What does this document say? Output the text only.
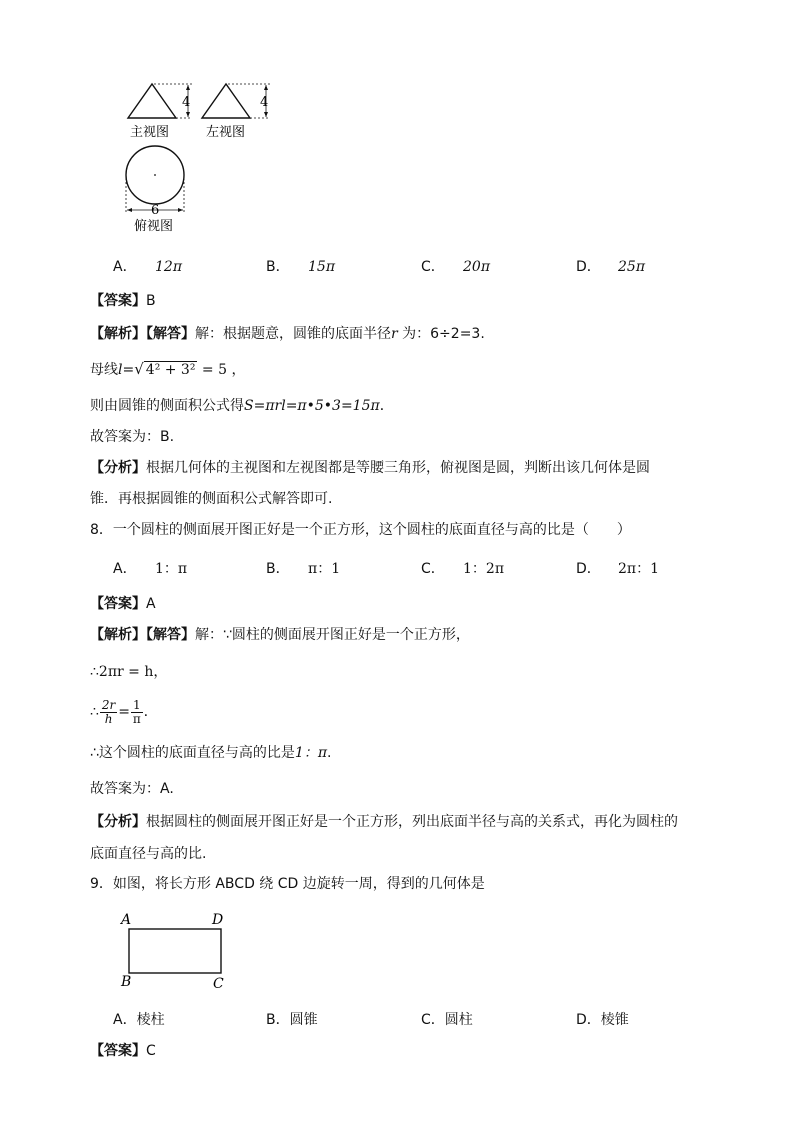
4	4
主视图	左视图
6
俯视图
A． 12π	B． 15π	C． 20π	D． 25π
【答案】B
【解析】【解答】解：根据题意，圆锥的底面半径r 为：6÷2=3.
母线l=√ 4² + 3² = 5 ，
则由圆锥的侧面积公式得S=πrl=π•5•3=15π．
故答案为：B.
【分析】根据几何体的主视图和左视图都是等腰三角形，俯视图是圆，判断出该几何体是圆
锥．再根据圆锥的侧面积公式解答即可.
8．一个圆柱的侧面展开图正好是一个正方形，这个圆柱的底面直径与高的比是（　　）
A． 1：π	B． π：1	C． 1：2π	D． 2π：1
【答案】A
【解析】【解答】解：∵圆柱的侧面展开图正好是一个正方形，
∴2πr = h，
∴ $\frac{2r}{h} = \frac{1}{\pi}$ .
∴这个圆柱的底面直径与高的比是1：π.
故答案为：A.
【分析】根据圆柱的侧面展开图正好是一个正方形，列出底面半径与高的关系式，再化为圆柱的
底面直径与高的比.
9．如图，将长方形 ABCD 绕 CD 边旋转一周，得到的几何体是
A	D
B	C
A．棱柱	B．圆锥	C．圆柱	D．棱锥
【答案】C
